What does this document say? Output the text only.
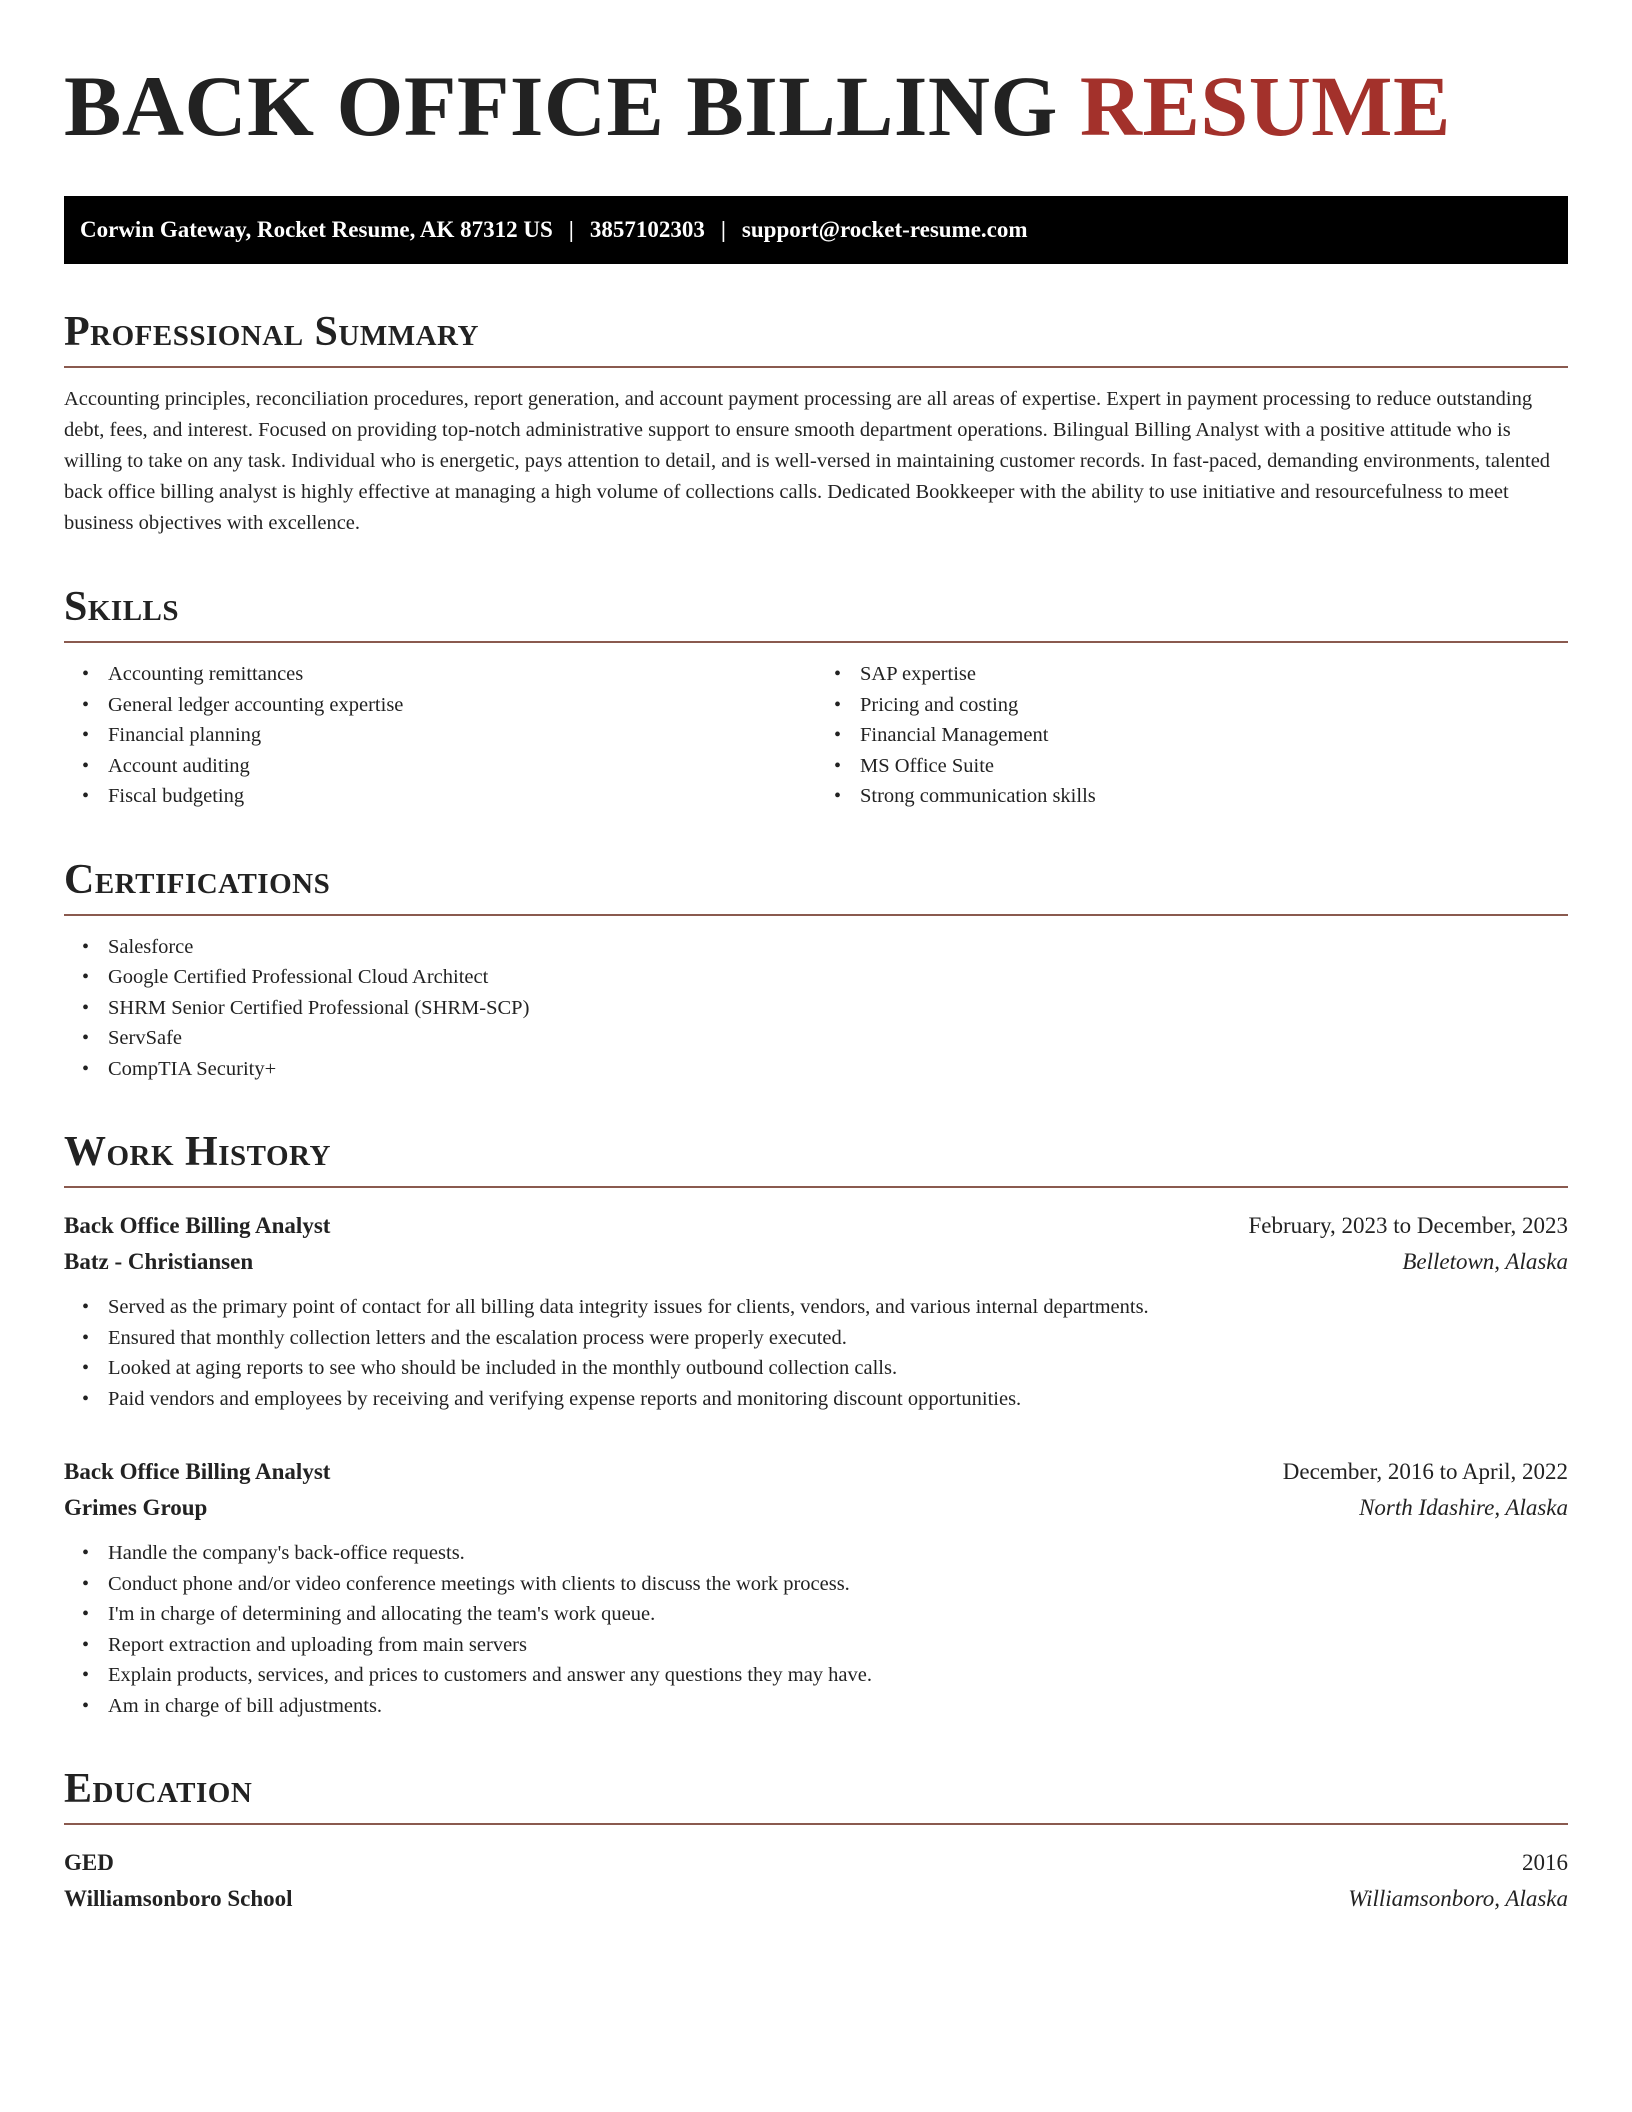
BACK OFFICE BILLING RESUME
Corwin Gateway, Rocket Resume, AK 87312 US | 3857102303 | support@rocket-resume.com
Professional Summary

Accounting principles, reconciliation procedures, report generation, and account payment processing are all areas of expertise. Expert in payment processing to reduce outstanding debt, fees, and interest. Focused on providing top-notch administrative support to ensure smooth department operations. Bilingual Billing Analyst with a positive attitude who is willing to take on any task. Individual who is energetic, pays attention to detail, and is well-versed in maintaining customer records. In fast-paced, demanding environments, talented back office billing analyst is highly effective at managing a high volume of collections calls. Dedicated Bookkeeper with the ability to use initiative and resourcefulness to meet business objectives with excellence.

Skills
• Accounting remittances
• General ledger accounting expertise
• Financial planning
• Account auditing
• Fiscal budgeting
• SAP expertise
• Pricing and costing
• Financial Management
• MS Office Suite
• Strong communication skills
Certifications
• Salesforce
• Google Certified Professional Cloud Architect
• SHRM Senior Certified Professional (SHRM-SCP)
• ServSafe
• CompTIA Security+
Work History
Back Office Billing Analyst	February, 2023 to December, 2023
Batz - Christiansen	Belletown, Alaska
• Served as the primary point of contact for all billing data integrity issues for clients, vendors, and various internal departments.
• Ensured that monthly collection letters and the escalation process were properly executed.
• Looked at aging reports to see who should be included in the monthly outbound collection calls.
• Paid vendors and employees by receiving and verifying expense reports and monitoring discount opportunities.
Back Office Billing Analyst	December, 2016 to April, 2022
Grimes Group	North Idashire, Alaska
• Handle the company's back-office requests.
• Conduct phone and/or video conference meetings with clients to discuss the work process.
• I'm in charge of determining and allocating the team's work queue.
• Report extraction and uploading from main servers
• Explain products, services, and prices to customers and answer any questions they may have.
• Am in charge of bill adjustments.
Education
GED	2016
Williamsonboro School	Williamsonboro, Alaska
